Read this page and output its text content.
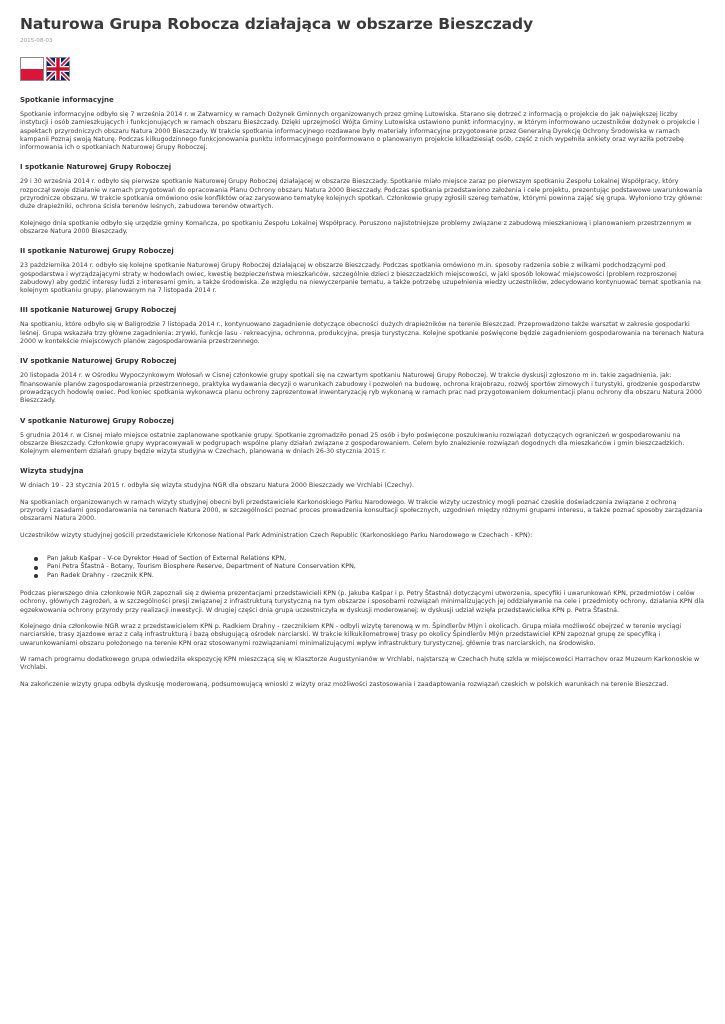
Naturowa Grupa Robocza działająca w obszarze Bieszczady
2015-08-03
Spotkanie informacyjne

Spotkanie informacyjne odbyło się 7 września 2014 r. w Zatwarnicy w ramach Dożynek Gminnych organizowanych przez gminę Lutowiska. Starano się dotrzeć z informacją o projekcie do jak największej liczby instytucji i osób zamieszkujących i funkcjonujących w ramach obszaru Bieszczady. Dzięki uprzejmości Wójta Gminy Lutowiska ustawiono punkt informacyjny, w którym informowano uczestników dożynek o projekcie i aspektach przyrodniczych obszaru Natura 2000 Bieszczady. W trakcie spotkania informacyjnego rozdawane były materiały informacyjne przygotowane przez Generalną Dyrekcję Ochrony Środowiska w ramach kampanii Poznaj swoją Naturę. Podczas kilkugodzinnego funkcjonowania punktu informacyjnego poinformowano o planowanym projekcie kilkadziesiąt osób, część z nich wypełniła ankiety oraz wyraziła potrzebę informowania ich o spotkaniach Naturowej Grupy Roboczej.

I spotkanie Naturowej Grupy Roboczej

29 i 30 września 2014 r. odbyło się pierwsze spotkanie Naturowej Grupy Roboczej działającej w obszarze Bieszczady. Spotkanie miało miejsce zaraz po pierwszym spotkaniu Zespołu Lokalnej Współpracy, który rozpoczął swoje działanie w ramach przygotowań do opracowania Planu Ochrony obszaru Natura 2000 Bieszczady. Podczas spotkania przedstawiono założenia i cele projektu, prezentując podstawowe uwarunkowania przyrodnicze obszaru. W trakcie spotkania omówiono osie konfliktów oraz zarysowano tematykę kolejnych spotkań. Członkowie grupy zgłosili szereg tematów, którymi powinna zająć się grupa. Wyłoniono trzy główne: duże drapieżniki, ochrona ścisła terenów leśnych, zabudowa terenów otwartych.

Kolejnego dnia spotkanie odbyło się urzędzie gminy Komańcza, po spotkaniu Zespołu Lokalnej Współpracy. Poruszono najistotniejsze problemy związane z zabudową mieszkaniową i planowaniem przestrzennym w obszarze Natura 2000 Bieszczady.

II spotkanie Naturowej Grupy Roboczej

23 października 2014 r. odbyło się kolejne spotkanie Naturowej Grupy Roboczej działającej w obszarze Bieszczady. Podczas spotkania omówiono m.in. sposoby radzenia sobie z wilkami podchodzącymi pod gospodarstwa i wyrządzającymi straty w hodowlach owiec, kwestię bezpieczeństwa mieszkańców, szczególnie dzieci z bieszczadzkich miejscowości, w jaki sposób lokować miejscowości (problem rozproszonej zabudowy) aby godzić interesy ludzi z interesami gmin, a także środowiska. Ze względu na niewyczerpanie tematu, a także potrzebę uzupełnienia wiedzy uczestników, zdecydowano kontynuować temat spotkania na kolejnym spotkaniu grupy, planowanym na 7 listopada 2014 r.

III spotkanie Naturowej Grupy Roboczej

Na spotkaniu, które odbyło się w Baligrodzie 7 listopada 2014 r., kontynuowano zagadnienie dotyczące obecności dużych drapieżników na terenie Bieszczad. Przeprowadzono także warsztat w zakresie gospodarki leśnej. Grupa wskazała trzy główne zagadnienia: zrywki, funkcje lasu - rekreacyjna, ochronna, produkcyjna, presja turystyczna. Kolejne spotkanie poświęcone będzie zagadnieniom gospodarowania na terenach Natura 2000 w kontekście miejscowych planów zagospodarowania przestrzennego.

IV spotkanie Naturowej Grupy Roboczej

20 listopada 2014 r. w Ośrodku Wypoczynkowym Wołosań w Cisnej członkowie grupy spotkali się na czwartym spotkaniu Naturowej Grupy Roboczej. W trakcie dyskusji zgłoszono m in. takie zagadnienia, jak: finansowanie planów zagospodarowania przestrzennego, praktyka wydawania decyzji o warunkach zabudowy i pozwoleń na budowę, ochrona krajobrazu, rozwój sportów zimowych i turystyki, grodzenie gospodarstw prowadzących hodowlę owiec. Pod koniec spotkania wykonawca planu ochrony zaprezentował inwentaryzację ryb wykonaną w ramach prac nad przygotowaniem dokumentacji planu ochrony dla obszaru Natura 2000 Bieszczady.

V spotkanie Naturowej Grupy Roboczej

5 grudnia 2014 r. w Cisnej miało miejsce ostatnie zaplanowane spotkanie grupy. Spotkanie zgromadziło ponad 25 osób i było poświęcone poszukiwaniu rozwiązań dotyczących ograniczeń w gospodarowaniu na obszarze Bieszczady. Członkowie grupy wypracowywali w podgrupach wspólne plany działań związane z gospodarowaniem. Celem było znalezienie rozwiązań dogodnych dla mieszkańców i gmin bieszczadzkich. Kolejnym elementem działań grupy będzie wizyta studyjna w Czechach, planowana w dniach 26-30 stycznia 2015 r.

Wizyta studyjna

W dniach 19 - 23 stycznia 2015 r. odbyła się wizyta studyjna NGR dla obszaru Natura 2000 Bieszczady we Vrchlabi (Czechy).

Na spotkaniach organizowanych w ramach wizyty studyjnej obecni byli przedstawiciele Karkonoskiego Parku Narodowego. W trakcie wizyty uczestnicy mogli poznać czeskie doświadczenia związane z ochroną przyrody i zasadami gospodarowania na terenach Natura 2000, w szczególności poznać proces prowadzenia konsultacji społecznych, uzgodnień między różnymi grupami interesu, a także poznać sposoby zarządzania obszarami Natura 2000.

Uczestników wizyty studyjnej gościli przedstawiciele Krkonose National Park Administration Czech Republic (Karkonoskiego Parku Narodowego w Czechach - KPN):

Pan Jakub Kašpar - V-ce Dyrektor Head of Section of External Relations KPN,
Pani Petra Šťastná - Botany, Tourism Biosphere Reserve, Department of Nature Conservation KPN,
Pan Radek Drahny - rzecznik KPN.

Podczas pierwszego dnia członkowie NGR zapoznali się z dwiema prezentacjami przedstawicieli KPN (p. Jakuba Kašpar i p. Petry Šťastná) dotyczącymi utworzenia, specyfiki i uwarunkowań KPN, przedmiotów i celów ochrony, głównych zagrożeń, a w szczególności presji związanej z infrastrukturą turystyczną na tym obszarze i sposobami rozwiązań minimalizujących jej oddziaływanie na cele i przedmioty ochrony, działania KPN dla egzekwowania ochrony przyrody przy realizacji inwestycji. W drugiej części dnia grupa uczestniczyła w dyskusji moderowanej; w dyskusji udział wzięła przedstawicielka KPN p. Petra Šťastná.

Kolejnego dnia członkowie NGR wraz z przedstawicielem KPN p. Radkiem Drahny - rzecznikiem KPN - odbyli wizytę terenową w m. Špindlerův Mlýn i okolicach. Grupa miała możliwość obejrzeć w terenie wyciągi narciarskie, trasy zjazdowe wraz z całą infrastrukturą i bazą obsługującą ośrodek narciarski. W trakcie kilkukilometrowej trasy po okolicy Špindlerův Mlýn przedstawiciel KPN zapoznał grupę ze specyfiką i uwarunkowaniami obszaru położonego na terenie KPN oraz stosowanymi rozwiązaniami minimalizującymi wpływ infrastruktury turystycznej, głównie tras narciarskich, na środowisko.

W ramach programu dodatkowego grupa odwiedziła ekspozycję KPN mieszczącą się w Klasztorze Augustynianów w Vrchlabi, najstarszą w Czechach hutę szkła w miejscowości Harrachov oraz Muzeum Karkonoskie w Vrchlabi.

Na zakończenie wizyty grupa odbyła dyskusję moderowaną, podsumowującą wnioski z wizyty oraz możliwości zastosowania i zaadaptowania rozwiązań czeskich w polskich warunkach na terenie Bieszczad.
